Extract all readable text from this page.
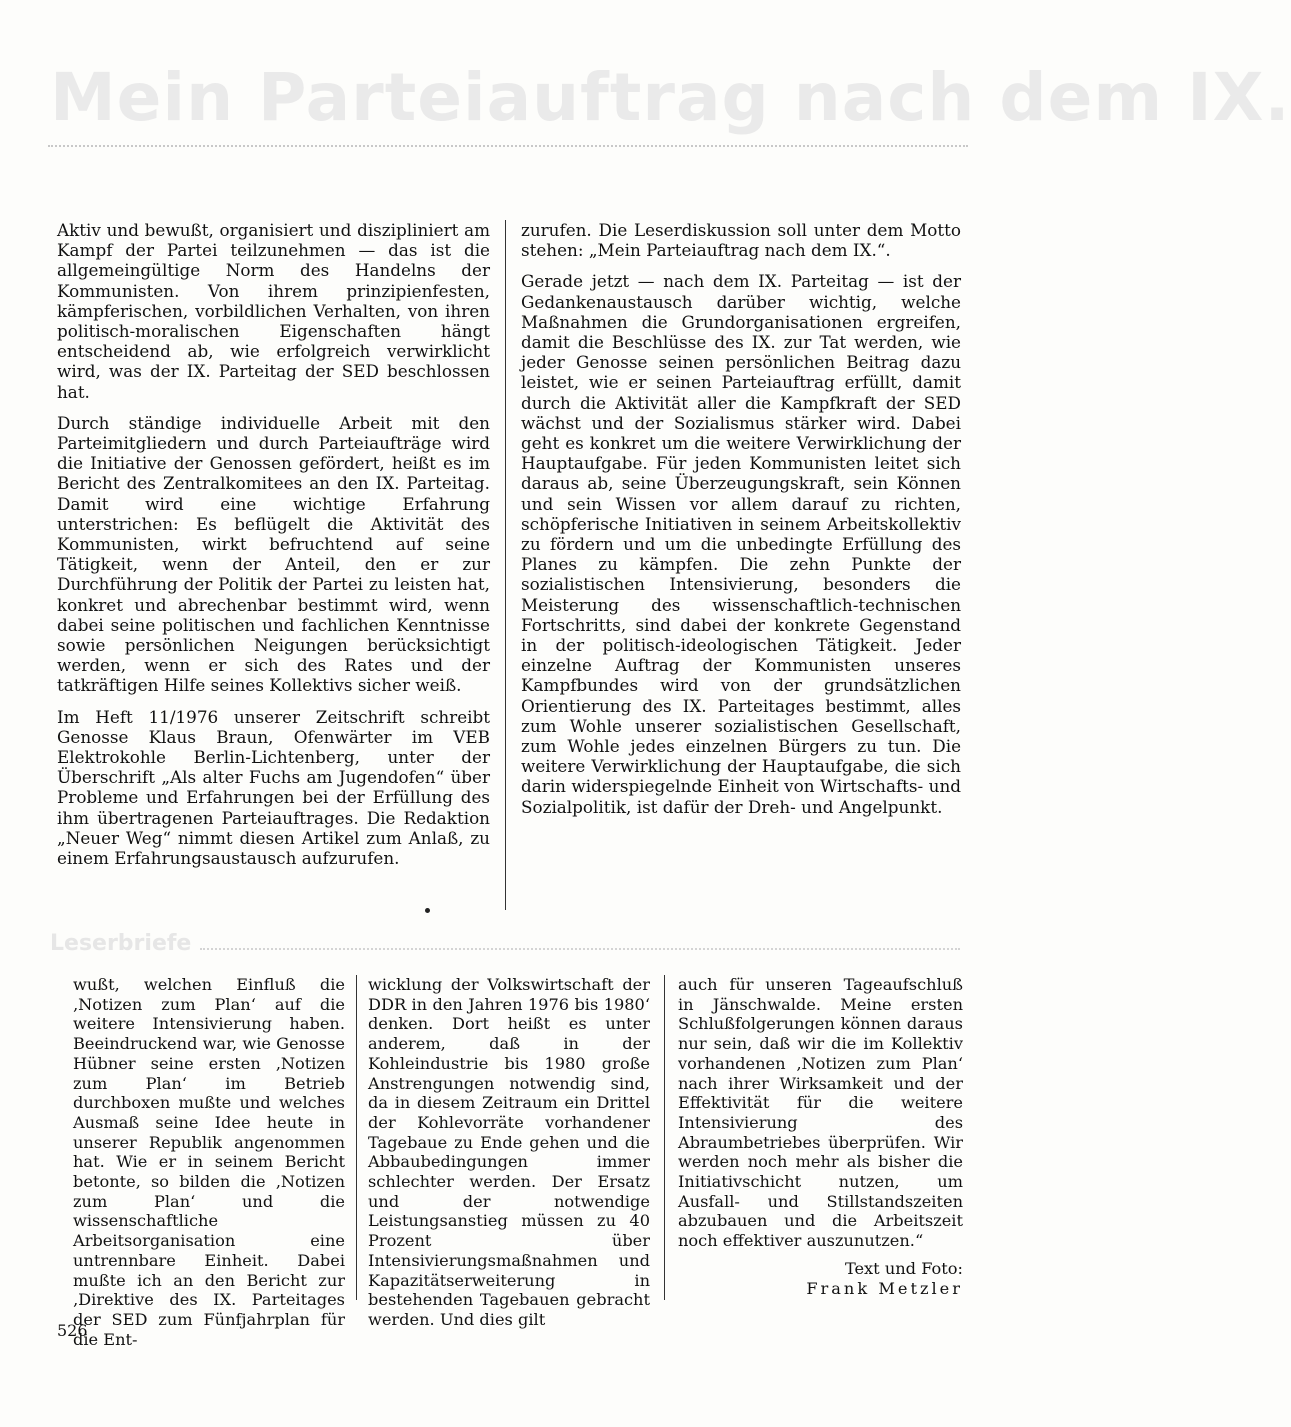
Mein Parteiauftrag nach dem IX.

Aktiv und bewußt, organisiert und diszipliniert am Kampf der Partei teilzunehmen — das ist die allgemeingültige Norm des Handelns der Kommunisten. Von ihrem prinzipienfesten, kämpferischen, vorbildlichen Verhalten, von ihren politisch-moralischen Eigenschaften hängt entscheidend ab, wie erfolgreich verwirklicht wird, was der IX. Parteitag der SED beschlossen hat.

Durch ständige individuelle Arbeit mit den Parteimitgliedern und durch Parteiaufträge wird die Initiative der Genossen gefördert, heißt es im Bericht des Zentralkomitees an den IX. Parteitag. Damit wird eine wichtige Erfahrung unterstrichen: Es beflügelt die Aktivität des Kommunisten, wirkt befruchtend auf seine Tätigkeit, wenn der Anteil, den er zur Durchführung der Politik der Partei zu leisten hat, konkret und abrechenbar bestimmt wird, wenn dabei seine politischen und fachlichen Kenntnisse sowie persönlichen Neigungen berücksichtigt werden, wenn er sich des Rates und der tatkräftigen Hilfe seines Kollektivs sicher weiß.

Im Heft 11/1976 unserer Zeitschrift schreibt Genosse Klaus Braun, Ofenwärter im VEB Elektrokohle Berlin-Lichtenberg, unter der Überschrift „Als alter Fuchs am Jugendofen“ über Probleme und Erfahrungen bei der Erfüllung des ihm übertragenen Parteiauftrages. Die Redaktion „Neuer Weg“ nimmt diesen Artikel zum Anlaß, zu einem Erfahrungsaustausch aufzurufen.

zurufen. Die Leserdiskussion soll unter dem Motto stehen: „Mein Parteiauftrag nach dem IX.“.

Gerade jetzt — nach dem IX. Parteitag — ist der Gedankenaustausch darüber wichtig, welche Maßnahmen die Grundorganisationen ergreifen, damit die Beschlüsse des IX. zur Tat werden, wie jeder Genosse seinen persönlichen Beitrag dazu leistet, wie er seinen Parteiauftrag erfüllt, damit durch die Aktivität aller die Kampfkraft der SED wächst und der Sozialismus stärker wird. Dabei geht es konkret um die weitere Verwirklichung der Hauptaufgabe. Für jeden Kommunisten leitet sich daraus ab, seine Überzeugungskraft, sein Können und sein Wissen vor allem darauf zu richten, schöpferische Initiativen in seinem Arbeitskollektiv zu fördern und um die unbedingte Erfüllung des Planes zu kämpfen. Die zehn Punkte der sozialistischen Intensivierung, besonders die Meisterung des wissenschaftlich-technischen Fortschritts, sind dabei der konkrete Gegenstand in der politisch-ideologischen Tätigkeit. Jeder einzelne Auftrag der Kommunisten unseres Kampfbundes wird von der grundsätzlichen Orientierung des IX. Parteitages bestimmt, alles zum Wohle unserer sozialistischen Gesellschaft, zum Wohle jedes einzelnen Bürgers zu tun. Die weitere Verwirklichung der Hauptaufgabe, die sich darin widerspiegelnde Einheit von Wirtschafts- und Sozialpolitik, ist dafür der Dreh- und Angelpunkt.

Leserbriefe

wußt, welchen Einfluß die ‚Notizen zum Plan‘ auf die weitere Intensivierung haben. Beeindruckend war, wie Genosse Hübner seine ersten ‚Notizen zum Plan‘ im Betrieb durchboxen mußte und welches Ausmaß seine Idee heute in unserer Republik angenommen hat. Wie er in seinem Bericht betonte, so bilden die ‚Notizen zum Plan‘ und die wissenschaftliche Arbeitsorganisation eine untrennbare Einheit. Dabei mußte ich an den Bericht zur ‚Direktive des IX. Parteitages der SED zum Fünfjahrplan für die Ent-

wicklung der Volkswirtschaft der DDR in den Jahren 1976 bis 1980‘ denken. Dort heißt es unter anderem, daß in der Kohleindustrie bis 1980 große Anstrengungen notwendig sind, da in diesem Zeitraum ein Drittel der Kohlevorräte vorhandener Tagebaue zu Ende gehen und die Abbaubedingungen immer schlechter werden. Der Ersatz und der notwendige Leistungsanstieg müssen zu 40 Prozent über Intensivierungsmaßnahmen und Kapazitätserweiterung in bestehenden Tagebauen gebracht werden. Und dies gilt

auch für unseren Tageaufschluß in Jänschwalde. Meine ersten Schlußfolgerungen können daraus nur sein, daß wir die im Kollektiv vorhandenen ‚Notizen zum Plan‘ nach ihrer Wirksamkeit und der Effektivität für die weitere Intensivierung des Abraumbetriebes überprüfen. Wir werden noch mehr als bisher die Initiativschicht nutzen, um Ausfall- und Stillstandszeiten abzubauen und die Arbeitszeit noch effektiver auszunutzen.“

Text und Foto:
Frank Metzler
526
